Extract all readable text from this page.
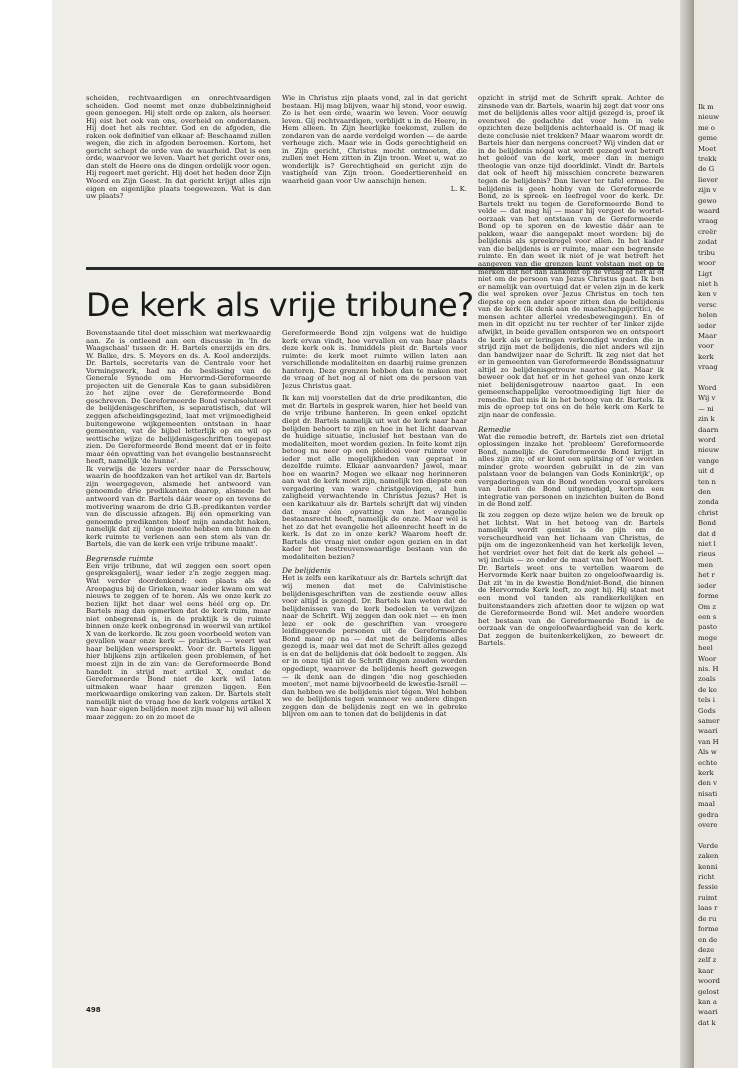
Ik m
nieuw
me o
geme
Moet
trekk
de G
liever
zijn v
gewo
waard
vraag
creër
zodat
tribu
woor
Ligt
niet h
ken v
versc
helen
ieder
Maar
voor
kerk
vraag

Word
Wij v
— ni
zin k
daarn
word
nieuw
vange
uit d
ten n
den
zonda
christ
Bond
dat d
niet l
rieus
men
het r
ieder
forme
Om z
een s
pasto
moge
heel
Woor
nis. H
zoals
de ke
tels i
Gods
samer
waari
van H
Als w
echte
kerk
den v
nisati
maal
gedra
overe

Verde
zaken
kenni
richt
fessie
ruimt
laas r
de ru
forme
en de
deze
zelf z
kaar
woord
gelost
kan a
waari
dat k

scheiden, rechtvaardigen en onrechtvaardigen scheiden. God neemt met onze dubbelzinnigheid geen genoegen. Hij stelt orde op zaken, als heerser. Hij eist het ook van ons, overheid en onderdanen. Hij doet het als rechter. God en de afgoden, die raken ook definitief van elkaar af: Beschaamd zullen wegen, die zich in afgoden beroemen. Kortom, het gericht schept de orde van de waarheid. Dat is een orde, waarvoor we leven. Vaart het gericht over ons, dan stelt de Heere ons de dingen ordelijk voor ogen. Hij regeert met gericht. Hij doet het heden door Zijn Woord en Zijn Geest. In dat gericht krijgt alles zijn eigen en eigenlijke plaats toegewezen. Wat is dan uw plaats?

Wie in Christus zijn plaats vond, zal in dat gericht bestaan. Hij mag blijven, waar hij stond, voor euwig. Zo is het een orde, waarin we leven. Voor eeuwig leven. Gij rechtvaardigen, verblijdt u in de Heere, in Hem alleen. In Zijn heerlijke toekomst, zullen de zondaren van de aarde verdelgd worden — de aarde verheuge zich. Maar wie in Gods gerechtigheid en in Zijn gericht, Christus mocht ontmoeten, die zullen met Hem zitten in Zijn troon. Weet u, wat zo wonderlijk is? Gerechtigheid en gericht zijn de vastigheid van Zijn troon. Goedertierenheid en waarheid gaan voor Uw aanschijn henen.

L. K.

De kerk als vrije tribune?

Bovenstaande titel doet misschien wat merkwaardig aan. Ze is ontleend aan een discussie in 'In de Waagschaal' tussen dr. H. Bartels enerzijds en drs. W. Balke, drs. S. Meyers en ds. A. Kool anderzijds. Dr. Bartels, secretaris van de Centrale voor het Vormingswerk, had na de beslissing van de Generale Synode om Hervormd-Gereformeerde projecten uit de Generale Kas te gaan subsidiëren zo het zijne over de Gereformeerde Bond geschreven. De Gereformeerde Bond verabsoluteert de belijdenisgeschriften, is separatistisch, dat wil zeggen afscheidingsgezind, laat met vrijmoedigheid buitengewone wijkgemeenten ontstaan in haar gemeenten, vat de bijbel letterlijk op en wil op wettische wijze de belijdenisgeschriften toegepast zien. De Gereformeerde Bond meent dat er in feite maar één opvatting van het evangelie bestaansrecht heeft, namelijk 'de hunne'.

Ik verwijs de lezers verder naar de Persschouw, waarin de hoofdzaken van het artikel van dr. Bartels zijn weergegeven, alsmede het antwoord van genoemde drie predikanten daarop, alsmede het antwoord van dr. Bartels dáár weer op en tevens de motivering waarom de drie G.B.-predikanten verder van de discussie afzagen. Bij één opmerking van genoemde predikanten bleef mijn aandacht haken, namelijk dat zij 'enige moeite hebben om binnen de kerk ruimte te verlenen aan een stem als van dr. Bartels, die van de kerk een vrije tribune maakt'.

Begrensde ruimte

Een vrije tribune, dat wil zeggen een soort open gespreksgalerij, waar ieder z'n zegje zeggen mag. Wat verder doordenkend: een plaats als de Areopagus bij de Grieken, waar ieder kwam om wat nieuws te zeggen of te horen. Als we onze kerk zo bezien lijkt het daar wel eens héél erg op. Dr. Bartels mag dan opmerken dat de kerk ruim, maar niet onbegrensd is, in de praktijk is de ruimte binnen onze kerk onbegrensd in weerwil van artikel X van de kerkorde. Ik zou geen voorbeeld weten van gevallen waar onze kerk — praktisch — weert wat haar belijden weerspreekt. Voor dr. Bartels liggen hier blijkens zijn artikelen geen problemen, of het moest zijn in de zin van: de Gereformeerde Bond handelt in strijd met artikel X, omdat de Gereformeerde Bond niet de kerk wil laten uitmaken waar haar grenzen liggen. Een merkwaardige omkering van zaken. Dr. Bartels stelt namelijk niet de vraag hoe de kerk volgens artikel X van haar eigen belijden moet zijn maar hij wil alleen maar zeggen: zo en zo moet de

Gereformeerde Bond zijn volgens wat de huidige kerk ervan vindt, hoe vervallen en van haar plaats deze kerk ook is. Inmiddels pleit dr. Bartels voor ruimte: de kerk moet ruimte willen laten aan verschillende modaliteiten en daarbij ruime grenzen hanteren. Deze grenzen hebben dan te maken met de vraag of het nog al of niet om de persoon van Jezus Christus gaat.

Ik kan mij voorstellen dat de drie predikanten, die met dr. Bartels in gesprek waren, hier het beeld van de vrije tribune hanteren. In geen enkel opzicht diept dr. Bartels namelijk uit wat de kerk naar haar belijden behoort te zijn en hoe in het licht daarvan de huidige situatie, inclusief het bestaan van de modaliteiten, moet worden gezien. In feite komt zijn betoog nu neer op een pleidooi voor ruimte voor ieder met alle mogelijkheden van gepraat in dezelfde ruimte. Elkaar aanvaarden? Jawel, maar hoe en waarin? Mogen we elkaar nog herinneren aan wat de kerk moet zijn, namelijk ten diepste een vergadering van ware christgelovigen, al hun zaligheid verwachtende in Christus Jezus? Het is een karikatuur als dr. Bartels schrijft dat wij vinden dat maar één opvatting van het evangelie bestaansrecht heeft, namelijk de onze. Maar wél is het zo dat het evangelie het alleenrecht heeft in de kerk. Is dat zo in onze kerk? Waarom heeft dr. Bartels die vraag niet onder ogen gezien en in dat kader het bestreuvenswaardige bestaan van de modaliteiten bezien?

De belijdenis

Het is zelfs een karikatuur als dr. Bartels schrijft dat wij menen dat met de Calvinistische belijdenisgeschriften van de zestiende eeuw alles voor altijd is gezegd. Dr. Bartels kan weten dat de belijdenissen van de kerk bedoelen te verwijzen naar de Schrift. Wij zeggen dan ook niet — en men leze er ook de geschriften van vroegere leidinggevende personen uit de Gereformeerde Bond maar op na — dat met de belijdenis alles gezegd is, maar wel dat met de Schrift alles gezegd is en dat de belijdenis dat óók bedoelt te zeggen. Als er in onze tijd uit de Schrift dingen zouden worden opgediept, waarover de belijdenis heeft gezwegen — ik denk aan de dingen 'die nog geschieden moeten', met name bijvoorbeeld de kwestie-Israël — dan hebben we de belijdenis niet tégen. Wel hebben we de belijdenis tegen wanneer we andere dingen zeggen dan de belijdenis zegt en we in gebreke blijven om aan te tonen dat de belijdenis in dat

opzicht in strijd met de Schrift sprak. Achter de zinsnede van dr. Bartels, waarin hij zegt dat voor ons met de belijdenis alles voor altijd gezegd is, proef ik eventwel de gedachte dat voor hem in vele opzichten deze belijdenis achterhaald is. Of mag ik deze conclusie niet trekken? Maar waarom wordt dr. Bartels hier dan nergens concreet? Wij vinden dat er in de belijdenis nógal wat wordt gezegd wat betreft het geloof van de kerk, meer dan in menige theologie van onze tijd doorklinkt. Vindt dr. Bartels dat ook of heeft hij misschien concrete bezwaren tegen de belijdenis? Dan liever ter tafel ermee. De belijdenis is geen hobby van de Gereformeerde Bond, ze is spreek- en leefregel voor de kerk. Dr. Bartels trekt nu tegen de Gereformeerde Bond te velde — dat mag hij — maar hij vergeet de wortel-oorzaak van het ontstaan van de Gereformeerde Bond op te sporen en de kwestie dáár aan te pakken, waar die aangepakt moet worden: bij de belijdenis als spreekregel voor allen. In het kader van die belijdenis is er ruimte, maar een begrensde ruimte. En dan weet ik niet of je wat betreft het aangeven van die grenzen kunt volstaan met op te merken dat het dan aankomt op de vraag of het al of niet om de persoon van Jezus Christus gaat. Ik ben er namelijk van overtuigd dat er velen zijn in de kerk die wel spreken over Jezus Christus en toch ten diepste op een ander spoor zitten dan de belijdenis van de kerk (ik denk aan de maatschappijcritici, de mensen achter allerlei vredesbewegingen). En of men in dit opzicht nu ter rechter of ter linker zijde afwijkt, in beide gevallen ontsporen we en ontspoort de kerk als er leringen verkondigd worden die in strijd zijn met de belijdenis, die niet anders wil zijn dan handwijzer naar de Schrift. Ik zeg niet dat het er in gemeenten van Gereformeerde Bondssignatuur altijd zo belijdenisgetrouw naartoe gaat. Maar ik beweer ook dat het er in het geheel van onze kerk niet belijdenisgetrouw naartoe gaat. In een gemeenschappelijke verootmoediging ligt hier de remedie. Dat mis ik in het betoog van dr. Bartels. Ik mis de oproep tot ons en de héle kerk om Kerk te zijn naar de confessie.

Remedie

Wat die remedie betreft, dr. Bartels ziet een drietal oplossingen inzake het 'probleem' Gereformeerde Bond, namelijk: de Gereformeerde Bond krijgt in alles zijn zin; of er komt een splitsing of 'er worden minder grote woorden gebruikt in de zin van palstaan voor de belangen van Gods Koninkrijk', op vergaderingen van de Bond worden vooral sprekers van buiten de Bond uitgenodigd, kortom een integratie van personen en inzichten buiten de Bond in de Bond zelf.

Ik zou zeggen op deze wijze helen we de breuk op het lichtst. Wat in het betoog van dr. Bartels namelijk wordt gemist is de pijn om de verscheurdheid van het lichaam van Christus, de pijn om de ingezonkenheid van het kerkelijk leven, het verdriet over het feit dat de kerk als geheel — wij incluis — zo onder de maat van het Woord leeft. Dr. Bartels weet ons te vertellen waarom de Hervormde Kerk naar buiten zo ongeloofwaardig is. Dat zit 'm in de kwestie Bond/niet-Bond, die binnen de Hervormde Kerk leeft, zo zegt hij. Hij staat met een mond vol tanden als randkerkelijken en buitenstaanders zich afzetten door te wijzen op wat de Gereformeerde Bond wil. Met andere woorden het bestaan van de Gereformeerde Bond is de oorzaak van de ongeloofwaardigheid van de kerk. Dat zeggen de buitenkerkelijken, zo beweert dr. Bartels.

498
